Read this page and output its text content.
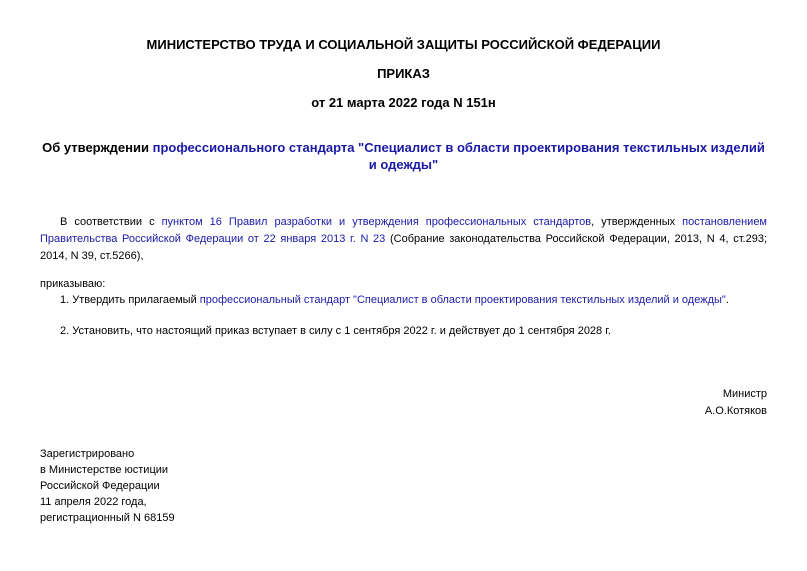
МИНИСТЕРСТВО ТРУДА И СОЦИАЛЬНОЙ ЗАЩИТЫ РОССИЙСКОЙ ФЕДЕРАЦИИ
ПРИКАЗ
от 21 марта 2022 года N 151н
Об утверждении профессионального стандарта "Специалист в области проектирования текстильных изделий и одежды"
В соответствии с пунктом 16 Правил разработки и утверждения профессиональных стандартов, утвержденных постановлением Правительства Российской Федерации от 22 января 2013 г. N 23 (Собрание законодательства Российской Федерации, 2013, N 4, ст.293; 2014, N 39, ст.5266),
приказываю:
1. Утвердить прилагаемый профессиональный стандарт "Специалист в области проектирования текстильных изделий и одежды".
2. Установить, что настоящий приказ вступает в силу с 1 сентября 2022 г. и действует до 1 сентября 2028 г.
Министр
А.О.Котяков
Зарегистрировано
в Министерстве юстиции
Российской Федерации
11 апреля 2022 года,
регистрационный N 68159
